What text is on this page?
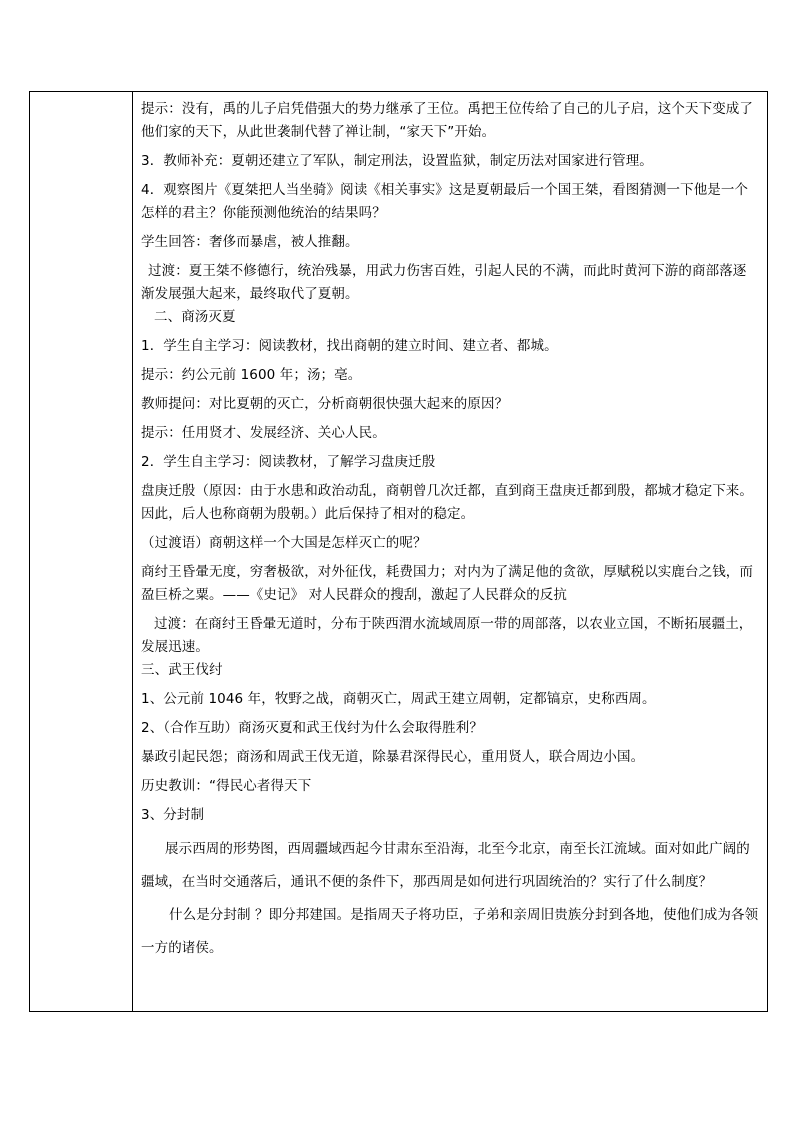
提示：没有，禹的儿子启凭借强大的势力继承了王位。禹把王位传给了自己的儿子启，这个天下变成了他们家的天下，从此世袭制代替了禅让制，“家天下”开始。

3．教师补充：夏朝还建立了军队，制定刑法，设置监狱，制定历法对国家进行管理。

4．观察图片《夏桀把人当坐骑》阅读《相关事实》这是夏朝最后一个国王桀，看图猜测一下他是一个怎样的君主？你能预测他统治的结果吗？

学生回答：奢侈而暴虐，被人推翻。

过渡：夏王桀不修德行，统治残暴，用武力伤害百姓，引起人民的不满，而此时黄河下游的商部落逐渐发展强大起来，最终取代了夏朝。

二、商汤灭夏

1．学生自主学习：阅读教材，找出商朝的建立时间、建立者、都城。

提示：约公元前 1600 年；汤；亳。

教师提问：对比夏朝的灭亡，分析商朝很快强大起来的原因？

提示：任用贤才、发展经济、关心人民。

2．学生自主学习：阅读教材，了解学习盘庚迁殷

盘庚迁殷（原因：由于水患和政治动乱，商朝曾几次迁都，直到商王盘庚迁都到殷，都城才稳定下来。因此，后人也称商朝为殷朝。）此后保持了相对的稳定。

（过渡语）商朝这样一个大国是怎样灭亡的呢？

商纣王昏暈无度，穷奢极欲，对外征伐，耗费国力；对内为了满足他的贪欲，厚赋税以实鹿台之钱，而盈巨桥之粟。——《史记》 对人民群众的搜刮，激起了人民群众的反抗

过渡：在商纣王昏暈无道时，分布于陕西渭水流域周原一带的周部落，以农业立国，不断拓展疆土，发展迅速。

三、武王伐纣

1、公元前 1046 年，牧野之战，商朝灭亡，周武王建立周朝，定都镐京，史称西周。

2、（合作互助）商汤灭夏和武王伐纣为什么会取得胜利？

暴政引起民怨；商汤和周武王伐无道，除暴君深得民心，重用贤人，联合周边小国。

历史教训：“得民心者得天下

3、分封制

展示西周的形势图，西周疆域西起今甘肃东至沿海，北至今北京，南至长江流域。面对如此广阔的疆域，在当时交通落后，通讯不便的条件下，那西周是如何进行巩固统治的？实行了什么制度？

什么是分封制 ？即分邦建国。是指周天子将功臣，子弟和亲周旧贵族分封到各地，使他们成为各领一方的诸侯。
